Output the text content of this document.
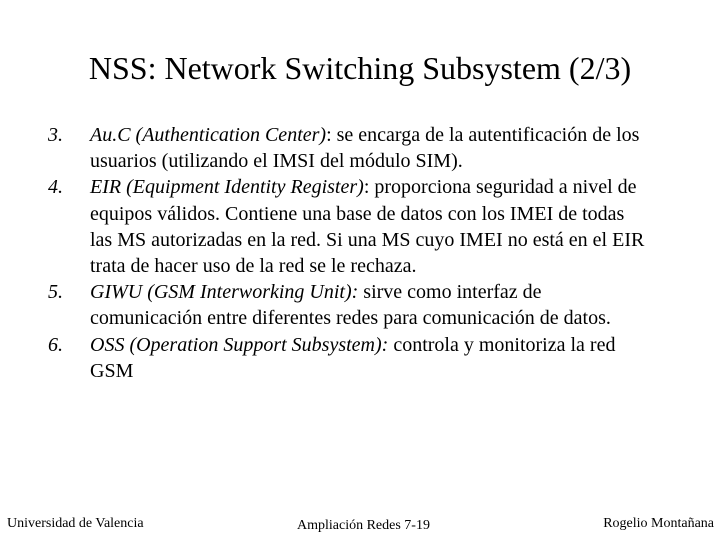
NSS: Network Switching Subsystem (2/3)
3. Au.C (Authentication Center): se encarga de la autentificación de los usuarios (utilizando el IMSI del módulo SIM).
4. EIR (Equipment Identity Register): proporciona seguridad a nivel de equipos válidos. Contiene una base de datos con los IMEI de todas las MS autorizadas en la red. Si una MS cuyo IMEI no está en el EIR trata de hacer uso de la red se le rechaza.
5. GIWU (GSM Interworking Unit): sirve como interfaz de comunicación entre diferentes redes para comunicación de datos.
6. OSS (Operation Support Subsystem): controla y monitoriza la red GSM
Universidad de Valencia	Ampliación Redes 7-19	Rogelio Montañana
